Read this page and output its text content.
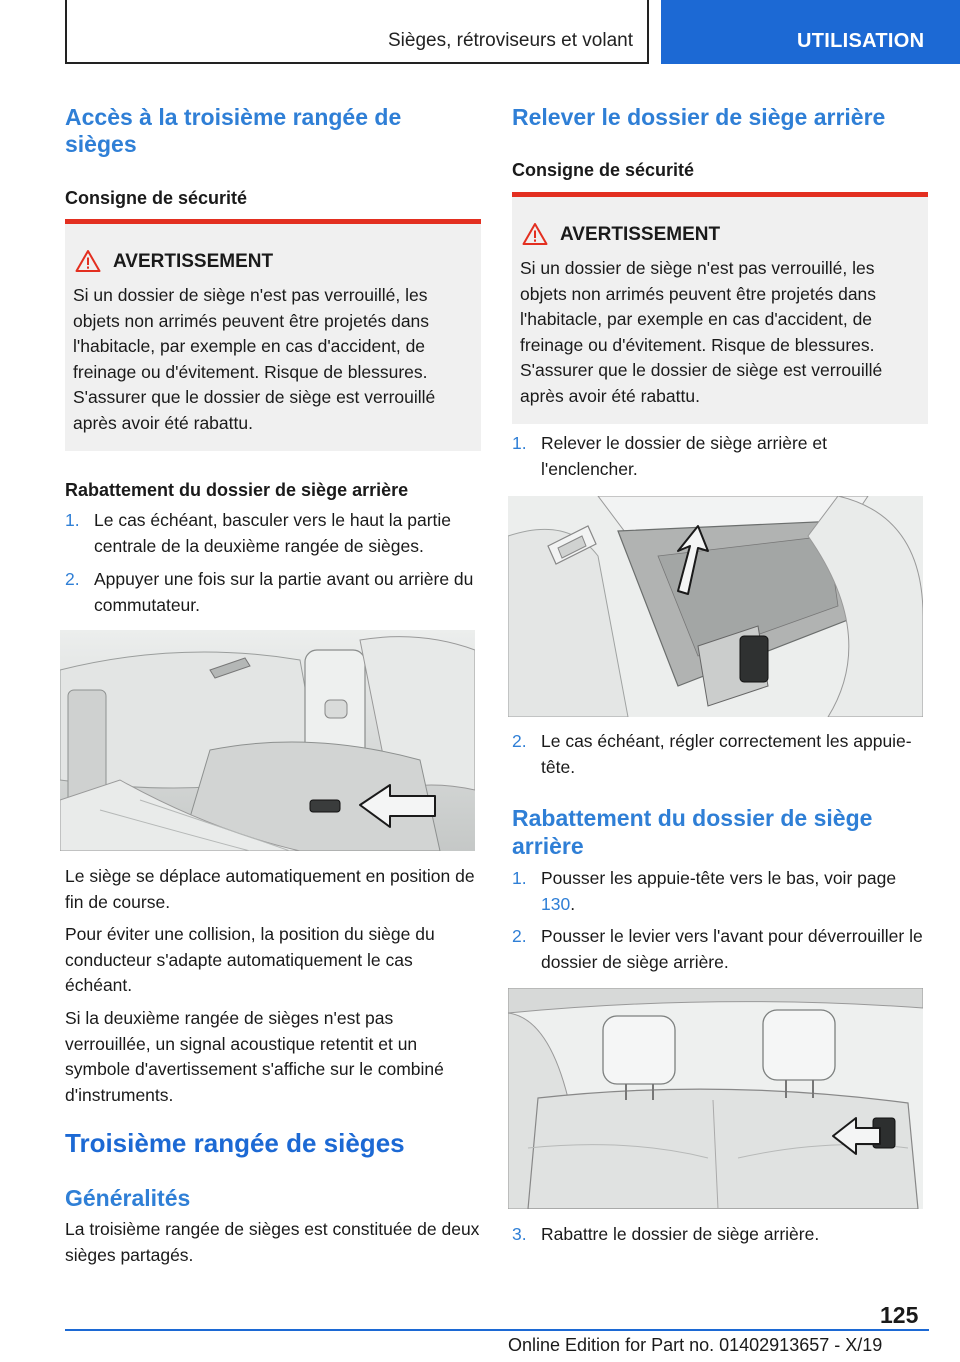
Sièges, rétroviseurs et volant	UTILISATION
Accès à la troisième rangée de sièges
Consigne de sécurité
AVERTISSEMENT
Si un dossier de siège n'est pas verrouillé, les objets non arrimés peuvent être projetés dans l'habitacle, par exemple en cas d'accident, de freinage ou d'évitement. Risque de blessures. S'assurer que le dossier de siège est verrouillé après avoir été rabattu.
Rabattement du dossier de siège arrière
1. Le cas échéant, basculer vers le haut la partie centrale de la deuxième rangée de sièges.
2. Appuyer une fois sur la partie avant ou arrière du commutateur.
Le siège se déplace automatiquement en position de fin de course.
Pour éviter une collision, la position du siège du conducteur s'adapte automatiquement le cas échéant.
Si la deuxième rangée de sièges n'est pas verrouillée, un signal acoustique retentit et un symbole d'avertissement s'affiche sur le combiné d'instruments.
Troisième rangée de sièges
Généralités
La troisième rangée de sièges est constituée de deux sièges partagés.
Relever le dossier de siège arrière
Consigne de sécurité
AVERTISSEMENT
Si un dossier de siège n'est pas verrouillé, les objets non arrimés peuvent être projetés dans l'habitacle, par exemple en cas d'accident, de freinage ou d'évitement. Risque de blessures. S'assurer que le dossier de siège est verrouillé après avoir été rabattu.
1. Relever le dossier de siège arrière et l'enclencher.
2. Le cas échéant, régler correctement les appuie-tête.
Rabattement du dossier de siège arrière
1. Pousser les appuie-tête vers le bas, voir page 130.
2. Pousser le levier vers l'avant pour déverrouiller le dossier de siège arrière.
3. Rabattre le dossier de siège arrière.
125
Online Edition for Part no. 01402913657 - X/19
